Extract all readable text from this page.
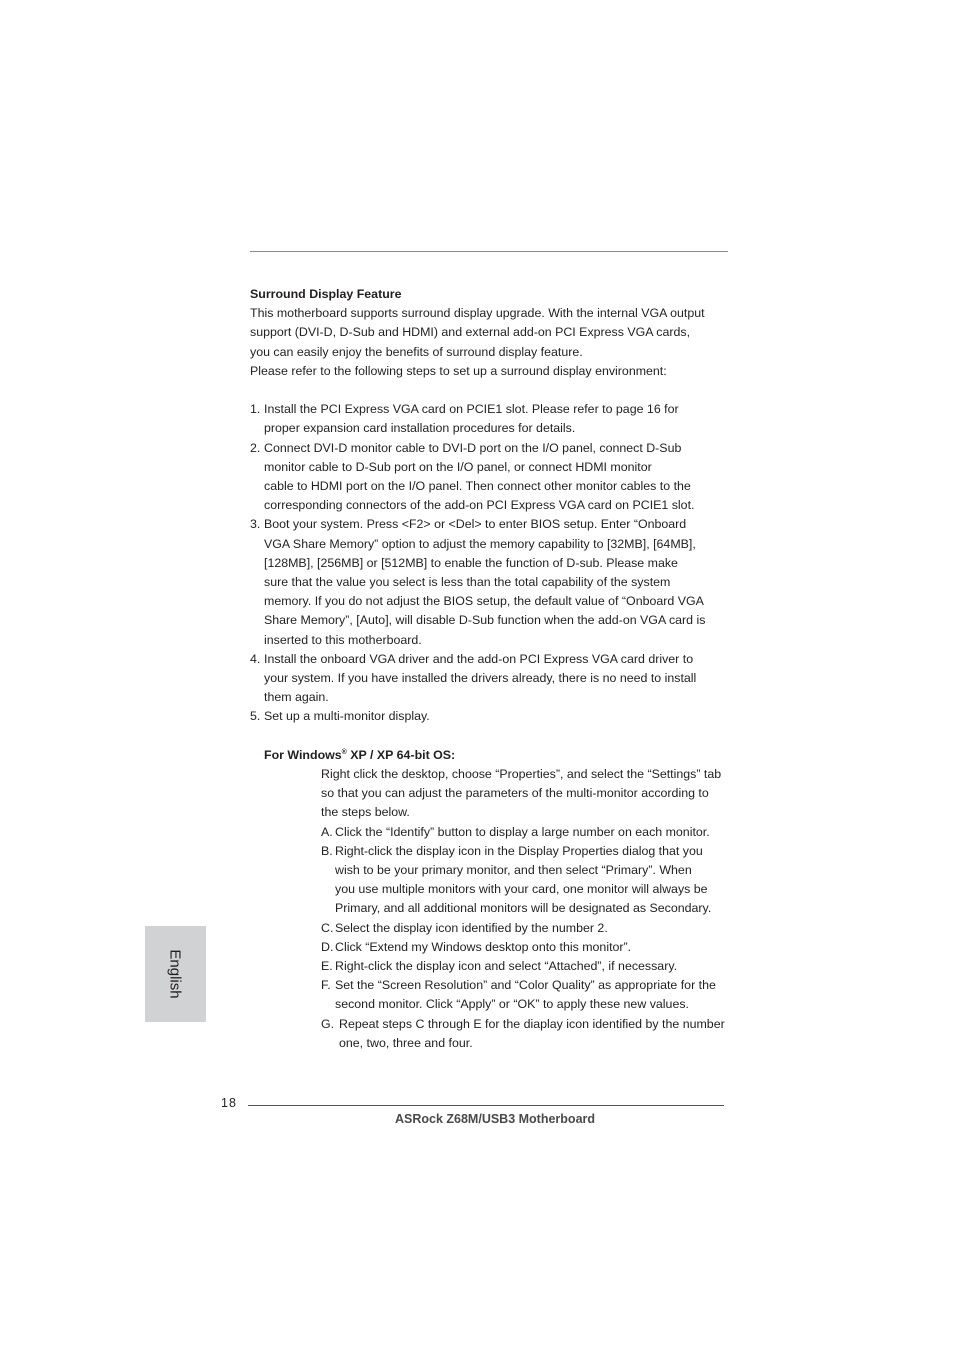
Surround Display Feature

This motherboard supports surround display upgrade. With the internal VGA output

support (DVI-D, D-Sub and HDMI) and external add-on PCI Express VGA cards,

you can easily enjoy the benefits of surround display feature.

Please refer to the following steps to set up a surround display environment:

1. Install the PCI Express VGA card on PCIE1 slot. Please refer to page 16 for
proper expansion card installation procedures for details.
2. Connect DVI-D monitor cable to DVI-D port on the I/O panel, connect D-Sub
monitor cable to D-Sub port on the I/O panel, or connect HDMI monitor
cable to HDMI port on the I/O panel. Then connect other monitor cables to the
corresponding connectors of the add-on PCI Express VGA card on PCIE1 slot.
3. Boot your system. Press <F2> or <Del> to enter BIOS setup. Enter “Onboard
VGA Share Memory” option to adjust the memory capability to [32MB], [64MB],
[128MB], [256MB] or [512MB] to enable the function of D-sub. Please make
sure that the value you select is less than the total capability of the system
memory. If you do not adjust the BIOS setup, the default value of “Onboard VGA
Share Memory”, [Auto], will disable D-Sub function when the add-on VGA card is
inserted to this motherboard.
4. Install the onboard VGA driver and the add-on PCI Express VGA card driver to
your system. If you have installed the drivers already, there is no need to install
them again.
5. Set up a multi-monitor display.
For Windows® XP / XP 64-bit OS:
Right click the desktop, choose “Properties”, and select the “Settings” tab
so that you can adjust the parameters of the multi-monitor according to
the steps below.
A. Click the “Identify” button to display a large number on each monitor.
B. Right-click the display icon in the Display Properties dialog that you
wish to be your primary monitor, and then select “Primary”. When
you use multiple monitors with your card, one monitor will always be
Primary, and all additional monitors will be designated as Secondary.
C. Select the display icon identified by the number 2.
D. Click “Extend my Windows desktop onto this monitor”.
E. Right-click the display icon and select “Attached”, if necessary.
F. Set the “Screen Resolution” and “Color Quality” as appropriate for the
second monitor. Click “Apply” or “OK” to apply these new values.
G. Repeat steps C through E for the diaplay icon identified by the number
one, two, three and four.
English
18
ASRock Z68M/USB3 Motherboard
